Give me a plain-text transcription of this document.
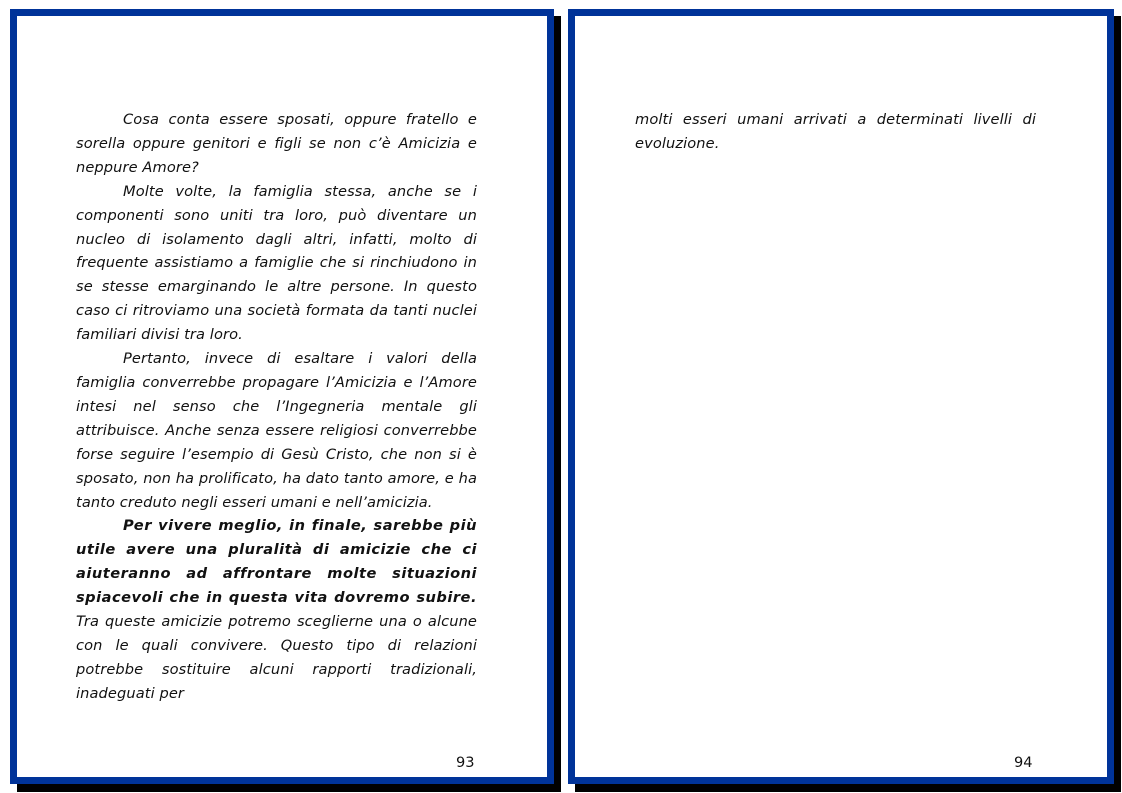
Cosa conta essere sposati, oppure fratello e sorella oppure genitori e figli se non c’è Amicizia e neppure Amore?

Molte volte, la famiglia stessa, anche se i componenti sono uniti tra loro, può diventare un nucleo di isolamento dagli altri, infatti, molto di frequente assistiamo a famiglie che si rinchiudono in se stesse emarginando le altre persone. In questo caso ci ritroviamo una società formata da tanti nuclei familiari divisi tra loro.

Pertanto, invece di esaltare i valori della famiglia converrebbe propagare l’Amicizia e l’Amore intesi nel senso che l’Ingegneria mentale gli attribuisce. Anche senza essere religiosi converrebbe forse seguire l’esempio di Gesù Cristo, che non si è sposato, non ha prolificato, ha dato tanto amore, e ha tanto creduto negli esseri umani e nell’amicizia.

Per vivere meglio, in finale, sarebbe più utile avere una pluralità di amicizie che ci aiuteranno ad affrontare molte situazioni spiacevoli che in questa vita dovremo subire. Tra queste amicizie potremo sceglierne una o alcune con le quali convivere. Questo tipo di relazioni potrebbe sostituire alcuni rapporti tradizionali, inadeguati per

93

molti esseri umani arrivati a determinati livelli di evoluzione.

94
